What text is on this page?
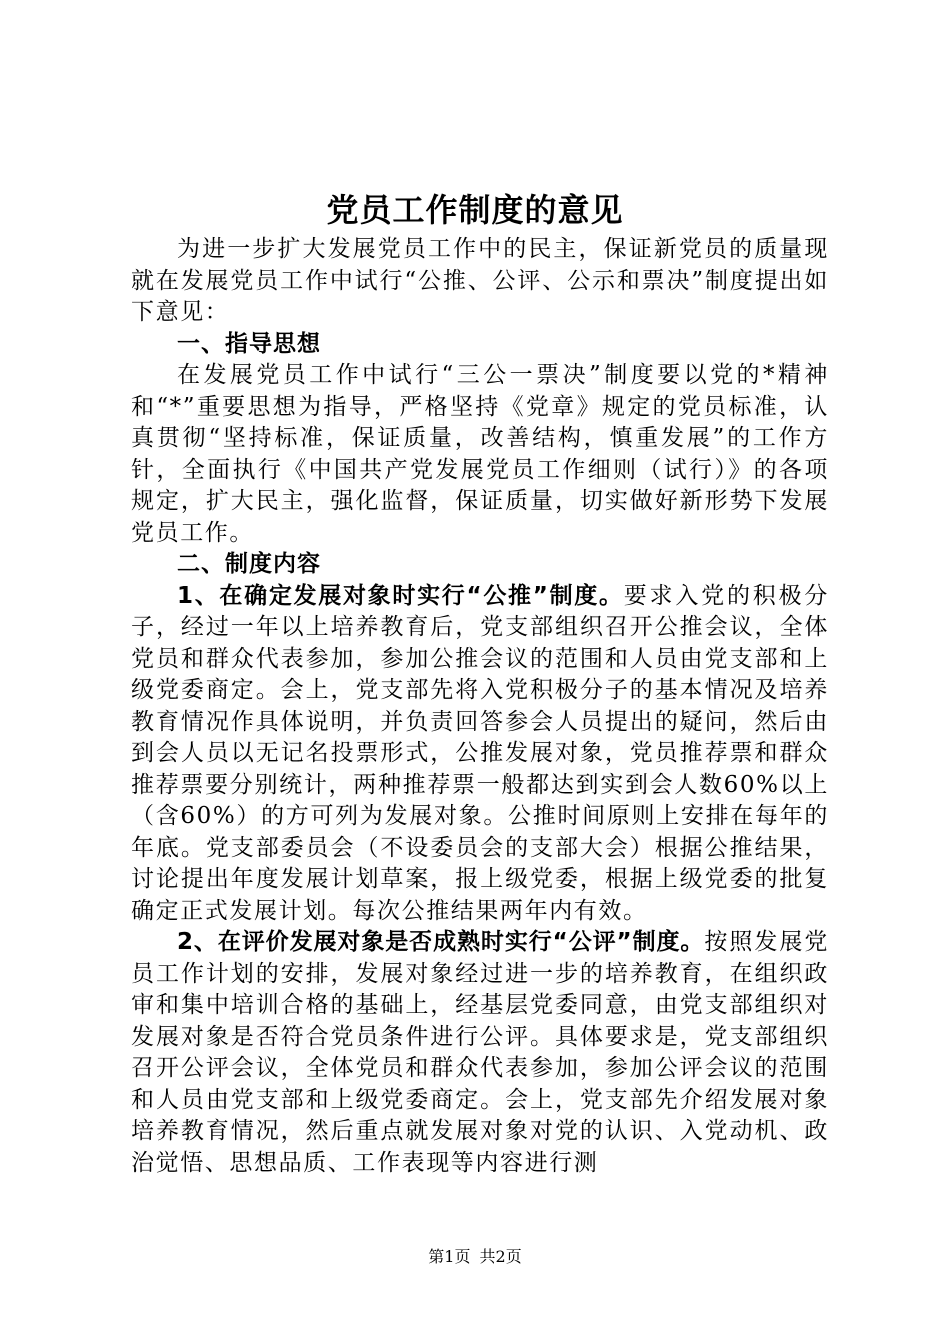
党员工作制度的意见

为进一步扩大发展党员工作中的民主，保证新党员的质量现就在发展党员工作中试行“公推、公评、公示和票决”制度提出如下意见：

一、指导思想

在发展党员工作中试行“三公一票决”制度要以党的*精神和“*”重要思想为指导，严格坚持《党章》规定的党员标准，认真贯彻“坚持标准，保证质量，改善结构，慎重发展”的工作方针，全面执行《中国共产党发展党员工作细则（试行）》的各项规定，扩大民主，强化监督，保证质量，切实做好新形势下发展党员工作。

二、制度内容

1、在确定发展对象时实行“公推”制度。要求入党的积极分子，经过一年以上培养教育后，党支部组织召开公推会议，全体党员和群众代表参加，参加公推会议的范围和人员由党支部和上级党委商定。会上，党支部先将入党积极分子的基本情况及培养教育情况作具体说明，并负责回答参会人员提出的疑问，然后由到会人员以无记名投票形式，公推发展对象，党员推荐票和群众推荐票要分别统计，两种推荐票一般都达到实到会人数60%以上（含60%）的方可列为发展对象。公推时间原则上安排在每年的年底。党支部委员会（不设委员会的支部大会）根据公推结果，讨论提出年度发展计划草案，报上级党委，根据上级党委的批复确定正式发展计划。每次公推结果两年内有效。

2、在评价发展对象是否成熟时实行“公评”制度。按照发展党员工作计划的安排，发展对象经过进一步的培养教育，在组织政审和集中培训合格的基础上，经基层党委同意，由党支部组织对发展对象是否符合党员条件进行公评。具体要求是，党支部组织召开公评会议，全体党员和群众代表参加，参加公评会议的范围和人员由党支部和上级党委商定。会上，党支部先介绍发展对象培养教育情况，然后重点就发展对象对党的认识、入党动机、政治觉悟、思想品质、工作表现等内容进行测

第1页 共2页
